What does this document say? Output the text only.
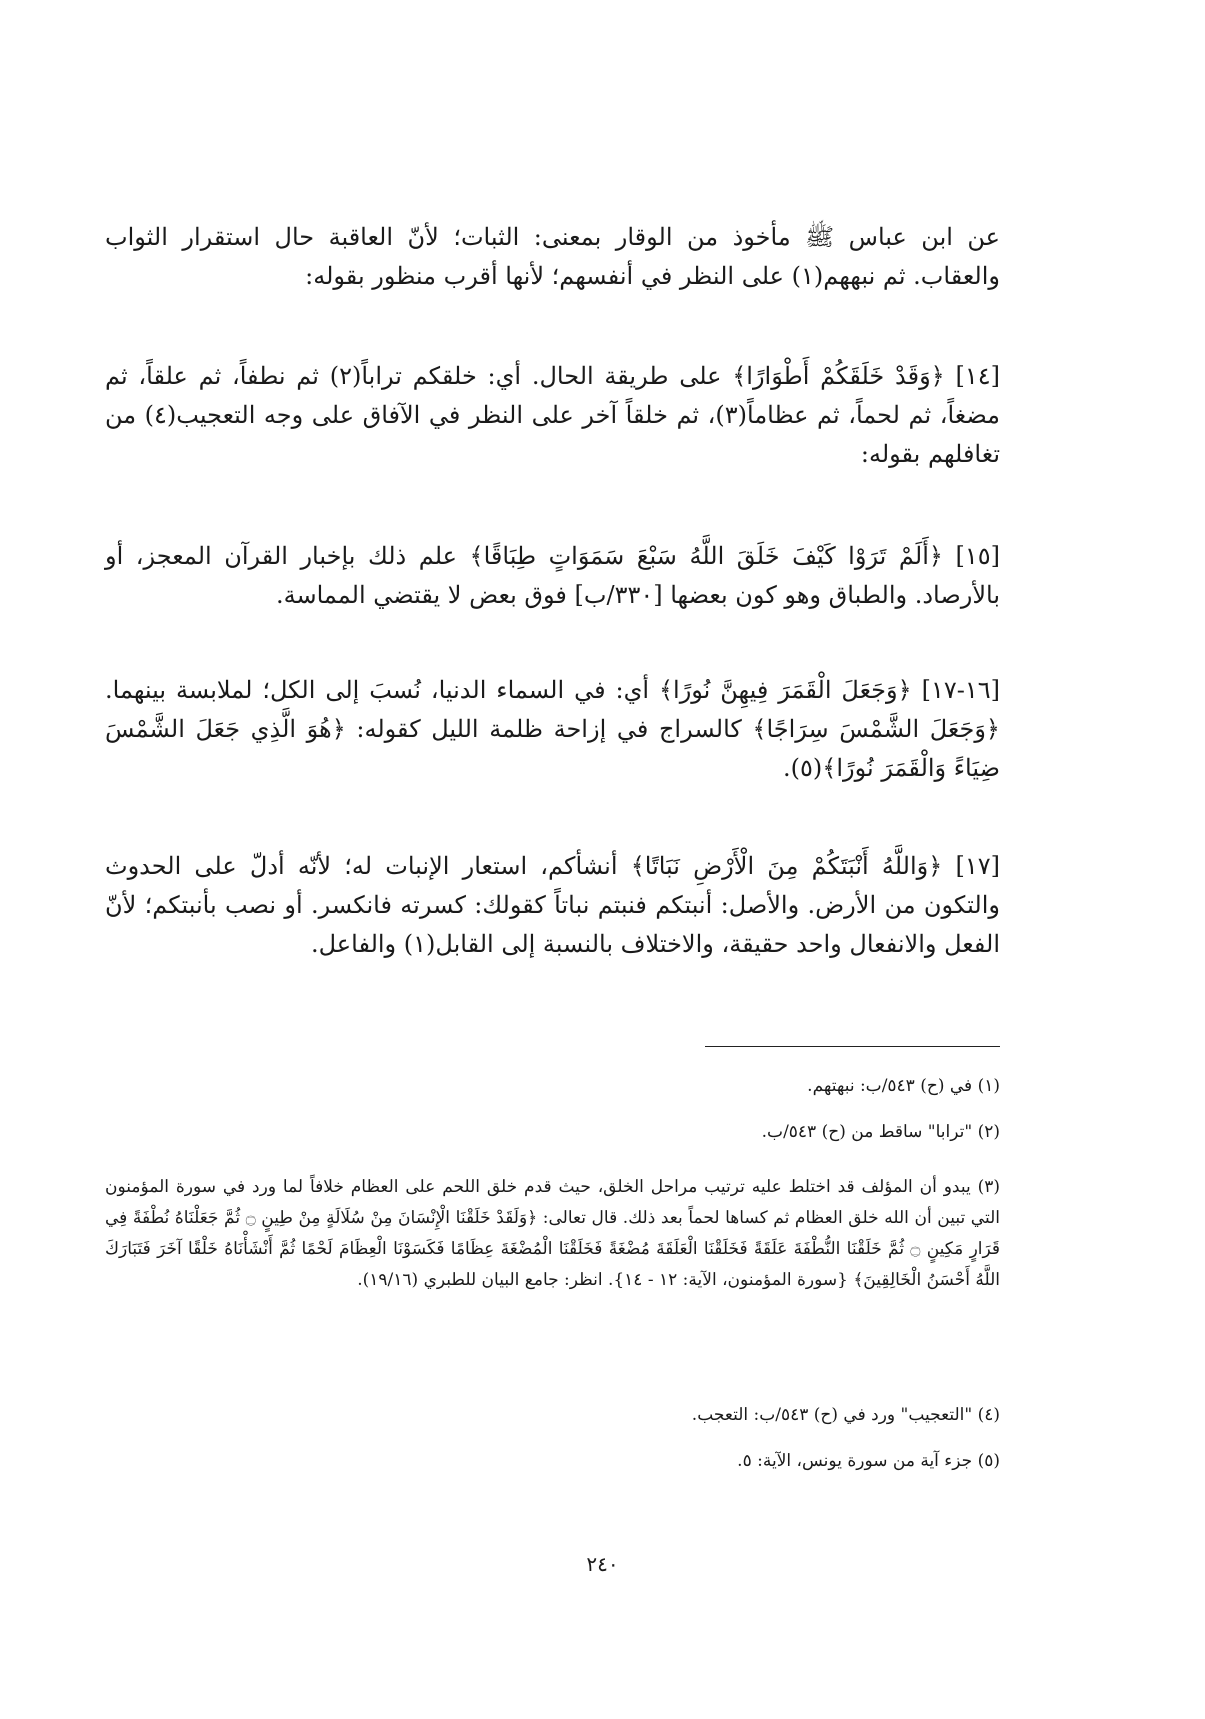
عن ابن عباس ﷺ مأخوذ من الوقار بمعنى: الثبات؛ لأنّ العاقبة حال استقرار الثواب والعقاب. ثم نبههم(١) على النظر في أنفسهم؛ لأنها أقرب منظور بقوله:

[١٤] ﴿وَقَدْ خَلَقَكُمْ أَطْوَارًا﴾ على طريقة الحال. أي: خلقكم تراباً(٢) ثم نطفاً، ثم علقاً، ثم مضغاً، ثم لحماً، ثم عظاماً(٣)، ثم خلقاً آخر على النظر في الآفاق على وجه التعجيب(٤) من تغافلهم بقوله:

[١٥] ﴿أَلَمْ تَرَوْا كَيْفَ خَلَقَ اللَّهُ سَبْعَ سَمَوَاتٍ طِبَاقًا﴾ علم ذلك بإخبار القرآن المعجز، أو بالأرصاد. والطباق وهو كون بعضها [٣٣٠/ب] فوق بعض لا يقتضي المماسة.

[١٦-١٧] ﴿وَجَعَلَ الْقَمَرَ فِيهِنَّ نُورًا﴾ أي: في السماء الدنيا، نُسبَ إلى الكل؛ لملابسة بينهما. ﴿وَجَعَلَ الشَّمْسَ سِرَاجًا﴾ كالسراج في إزاحة ظلمة الليل كقوله: ﴿هُوَ الَّذِي جَعَلَ الشَّمْسَ ضِيَاءً وَالْقَمَرَ نُورًا﴾(٥).

[١٧] ﴿وَاللَّهُ أَنْبَتَكُمْ مِنَ الْأَرْضِ نَبَاتًا﴾ أنشأكم، استعار الإنبات له؛ لأنّه أدلّ على الحدوث والتكون من الأرض. والأصل: أنبتكم فنبتم نباتاً كقولك: كسرته فانكسر. أو نصب بأنبتكم؛ لأنّ الفعل والانفعال واحد حقيقة، والاختلاف بالنسبة إلى القابل(١) والفاعل.

(١) في (ح) ٥٤٣/ب: نبهتهم.

(٢) "ترابا" ساقط من (ح) ٥٤٣/ب.

(٣) يبدو أن المؤلف قد اختلط عليه ترتيب مراحل الخلق، حيث قدم خلق اللحم على العظام خلافاً لما ورد في سورة المؤمنون التي تبين أن الله خلق العظام ثم كساها لحماً بعد ذلك. قال تعالى: ﴿وَلَقَدْ خَلَقْنَا الْإِنْسَانَ مِنْ سُلَالَةٍ مِنْ طِينٍ ۝ ثُمَّ جَعَلْنَاهُ نُطْفَةً فِي قَرَارٍ مَكِينٍ ۝ ثُمَّ خَلَقْنَا النُّطْفَةَ عَلَقَةً فَخَلَقْنَا الْعَلَقَةَ مُضْغَةً فَخَلَقْنَا الْمُضْغَةَ عِظَامًا فَكَسَوْنَا الْعِظَامَ لَحْمًا ثُمَّ أَنْشَأْنَاهُ خَلْقًا آخَرَ فَتَبَارَكَ اللَّهُ أَحْسَنُ الْخَالِقِينَ﴾ {سورة المؤمنون، الآية: ١٢ - ١٤}. انظر: جامع البيان للطبري (١٩/١٦).

(٤) "التعجيب" ورد في (ح) ٥٤٣/ب: التعجب.

(٥) جزء آية من سورة يونس، الآية: ٥.

٢٤٠
